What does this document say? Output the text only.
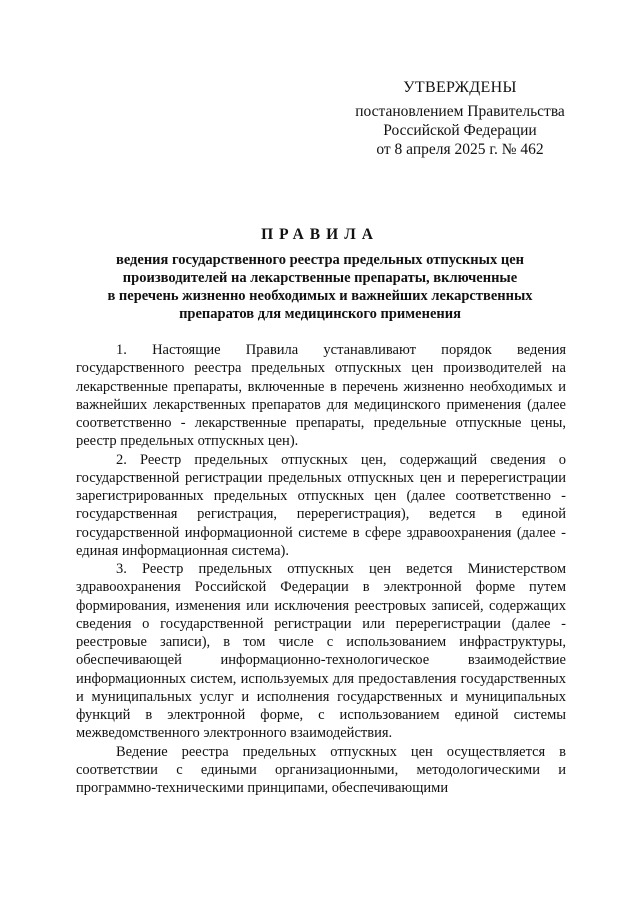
УТВЕРЖДЕНЫ
постановлением Правительства
Российской Федерации
от 8 апреля 2025 г. № 462
ПРАВИЛА
ведения государственного реестра предельных отпускных цен
производителей на лекарственные препараты, включенные
в перечень жизненно необходимых и важнейших лекарственных
препаратов для медицинского применения

1. Настоящие Правила устанавливают порядок ведения государственного реестра предельных отпускных цен производителей на лекарственные препараты, включенные в перечень жизненно необходимых и важнейших лекарственных препаратов для медицинского применения (далее соответственно - лекарственные препараты, предельные отпускные цены, реестр предельных отпускных цен).

2. Реестр предельных отпускных цен, содержащий сведения о государственной регистрации предельных отпускных цен и перерегистрации зарегистрированных предельных отпускных цен (далее соответственно - государственная регистрация, перерегистрация), ведется в единой государственной информационной системе в сфере здравоохранения (далее - единая информационная система).

3. Реестр предельных отпускных цен ведется Министерством здравоохранения Российской Федерации в электронной форме путем формирования, изменения или исключения реестровых записей, содержащих сведения о государственной регистрации или перерегистрации (далее - реестровые записи), в том числе с использованием инфраструктуры, обеспечивающей информационно-технологическое взаимодействие информационных систем, используемых для предоставления государственных и муниципальных услуг и исполнения государственных и муниципальных функций в электронной форме, с использованием единой системы межведомственного электронного взаимодействия.

Ведение реестра предельных отпускных цен осуществляется в соответствии с едиными организационными, методологическими и программно-техническими принципами, обеспечивающими
